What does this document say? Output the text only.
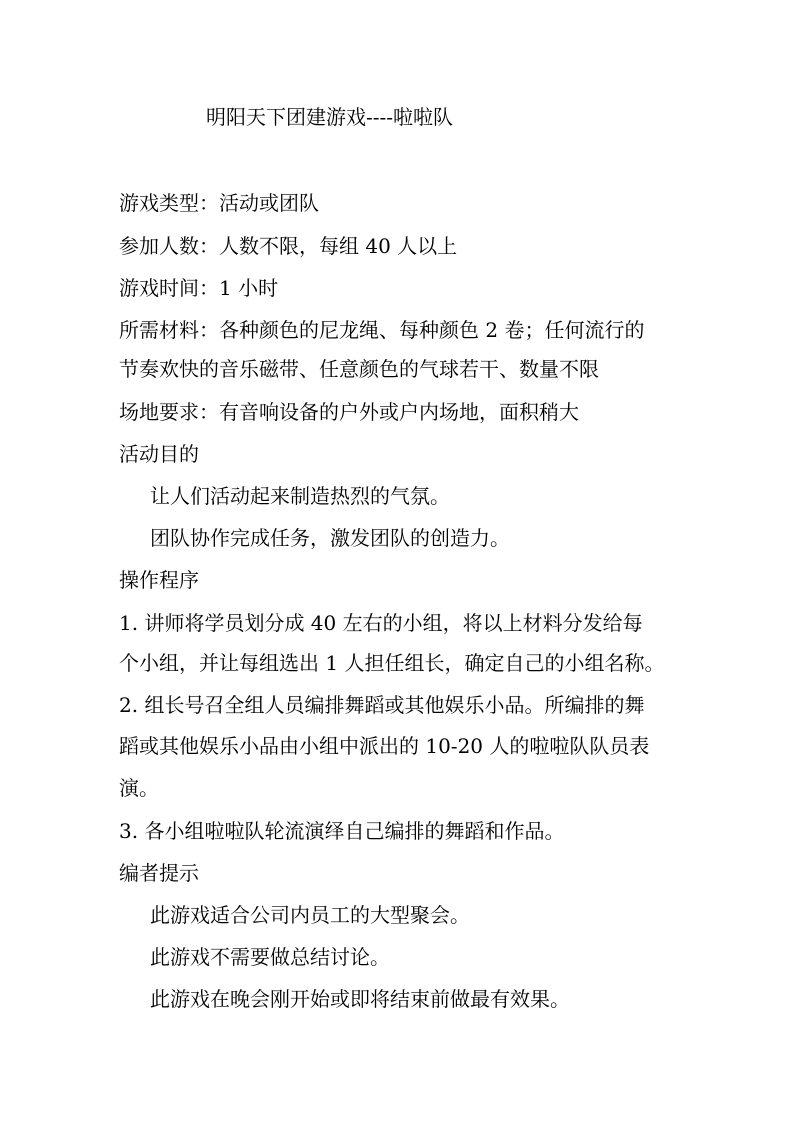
明阳天下团建游戏----啦啦队
游戏类型：活动或团队
参加人数：人数不限，每组 40 人以上
游戏时间：1 小时
所需材料：各种颜色的尼龙绳、每种颜色 2 卷；任何流行的
节奏欢快的音乐磁带、任意颜色的气球若干、数量不限
场地要求：有音响设备的户外或户内场地，面积稍大
活动目的
让人们活动起来制造热烈的气氛。
团队协作完成任务，激发团队的创造力。
操作程序
1. 讲师将学员划分成 40 左右的小组，将以上材料分发给每
个小组，并让每组选出 1 人担任组长，确定自己的小组名称。
2. 组长号召全组人员编排舞蹈或其他娱乐小品。所编排的舞
蹈或其他娱乐小品由小组中派出的 10-20 人的啦啦队队员表
演。
3. 各小组啦啦队轮流演绎自己编排的舞蹈和作品。
编者提示
此游戏适合公司内员工的大型聚会。
此游戏不需要做总结讨论。
此游戏在晚会刚开始或即将结束前做最有效果。
